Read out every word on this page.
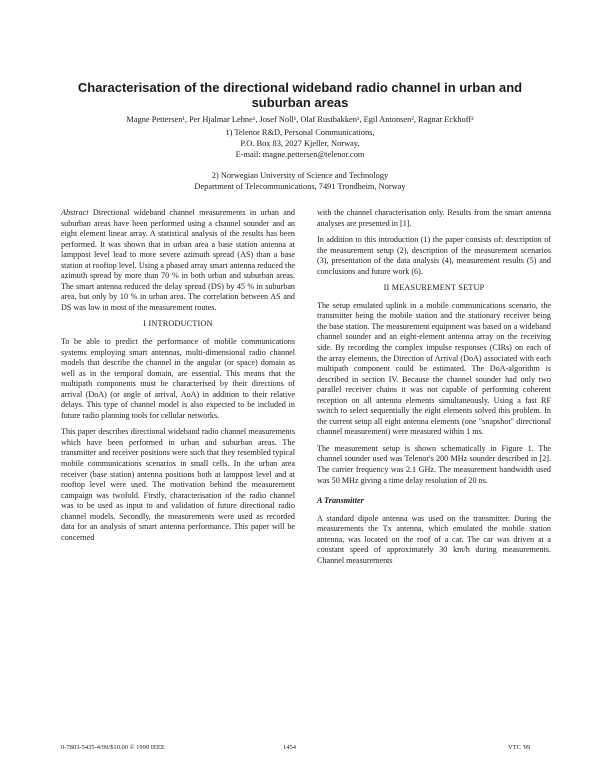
Characterisation of the directional wideband radio channel in urban and suburban areas
Magne Pettersen¹, Per Hjalmar Lehne¹, Josef Noll¹, Olaf Rustbakken¹, Egil Antonsen², Ragnar Eckhoff²
1) Telenor R&D, Personal Communications,
P.O. Box 83, 2027 Kjeller, Norway,
E-mail: magne.pettersen@telenor.com
2) Norwegian University of Science and Technology
Department of Telecommunications, 7491 Trondheim, Norway

Abstract Directional wideband channel measurements in urban and suburban areas have been performed using a channel sounder and an eight element linear array. A statistical analysis of the results has been performed. It was shown that in urban area a base station antenna at lamppost level lead to more severe azimuth spread (AS) than a base station at rooftop level. Using a phased array smart antenna reduced the azimuth spread by more than 70 % in both urban and suburban areas. The smart antenna reduced the delay spread (DS) by 45 % in suburban area, but only by 10 % in urban area. The correlation between AS and DS was low in most of the measurement routes.

I INTRODUCTION

To be able to predict the performance of mobile communications systems employing smart antennas, multi-dimensional radio channel models that describe the channel in the angular (or space) domain as well as in the temporal domain, are essential. This means that the multipath components must be characterised by their directions of arrival (DoA) (or angle of arrival, AoA) in addition to their relative delays. This type of channel model is also expected to be included in future radio planning tools for cellular networks.

This paper describes directional wideband radio channel measurements which have been performed in urban and suburban areas. The transmitter and receiver positions were such that they resembled typical mobile communications scenarios in small cells. In the urban area receiver (base station) antenna positions both at lamppost level and at rooftop level were used. The motivation behind the measurement campaign was twofold. Firstly, characterisation of the radio channel was to be used as input to and validation of future directional radio channel models. Secondly, the measurements were used as recorded data for an analysis of smart antenna performance. This paper will be concerned

with the channel characterisation only. Results from the smart antenna analyses are presented in [1].

In addition to this introduction (1) the paper consists of: description of the measurement setup (2), description of the measurement scenarios (3), presentation of the data analysis (4), measurement results (5) and conclusions and future work (6).

II MEASUREMENT SETUP

The setup emulated uplink in a mobile communications scenario, the transmitter being the mobile station and the stationary receiver being the base station. The measurement equipment was based on a wideband channel sounder and an eight-element antenna array on the receiving side. By recording the complex impulse responses (CIRs) on each of the array elements, the Direction of Arrival (DoA) associated with each multipath component could be estimated. The DoA-algorithm is described in section IV. Because the channel sounder had only two parallel receiver chains it was not capable of performing coherent reception on all antenna elements simultaneously. Using a fast RF switch to select sequentially the eight elements solved this problem. In the current setup all eight antenna elements (one "snapshot" directional channel measurement) were measured within 1 ms.

The measurement setup is shown schematically in Figure 1. The channel sounder used was Telenor's 200 MHz sounder described in [2]. The carrier frequency was 2.1 GHz. The measurement bandwidth used was 50 MHz giving a time delay resolution of 20 ns.

A Transmitter

A standard dipole antenna was used on the transmitter. During the measurements the Tx antenna, which emulated the mobile station antenna, was located on the roof of a car. The car was driven at a constant speed of approximately 30 km/h during measurements. Channel measurements

0-7803-5435-4/99/$10.00 © 1999 IEEE	1454	VTC '99
